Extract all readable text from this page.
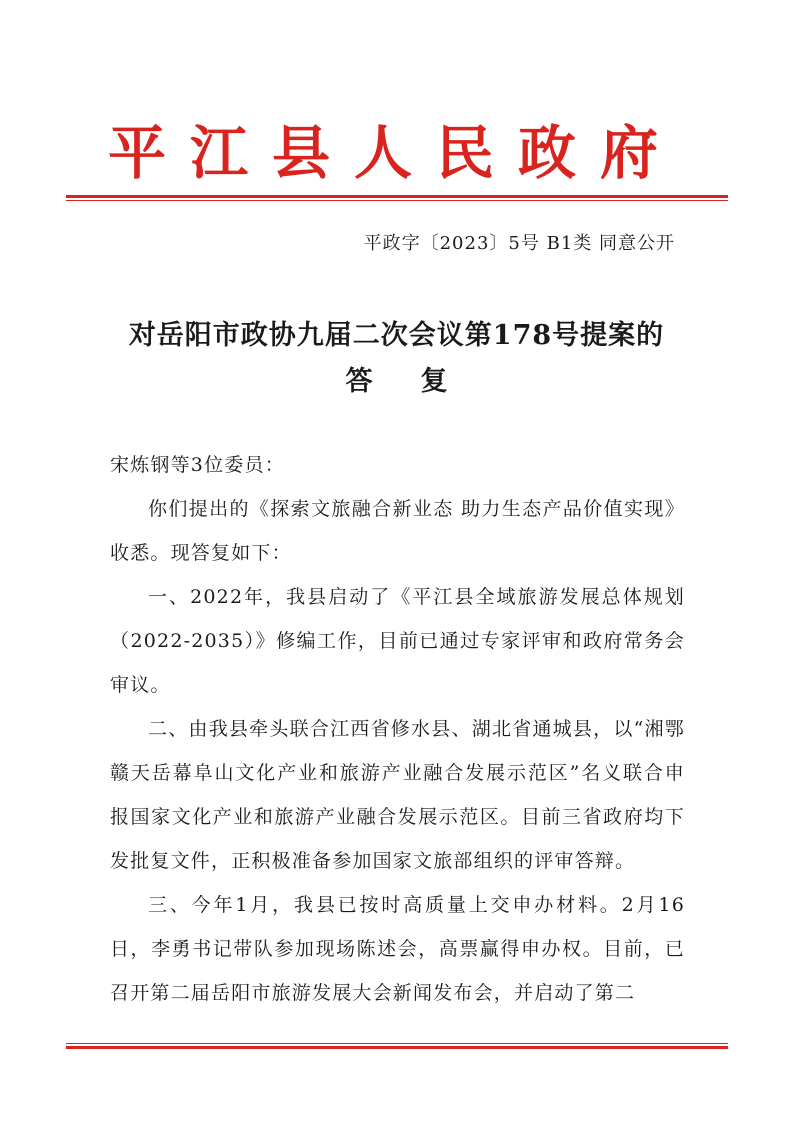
平江县人民政府
平政字〔2023〕5号 B1类 同意公开
对岳阳市政协九届二次会议第178号提案的
答复

宋炼钢等3位委员：

你们提出的《探索文旅融合新业态 助力生态产品价值实现》收悉。现答复如下：

一、2022年，我县启动了《平江县全域旅游发展总体规划（2022-2035）》修编工作，目前已通过专家评审和政府常务会审议。

二、由我县牵头联合江西省修水县、湖北省通城县，以“湘鄂赣天岳幕阜山文化产业和旅游产业融合发展示范区”名义联合申报国家文化产业和旅游产业融合发展示范区。目前三省政府均下发批复文件，正积极准备参加国家文旅部组织的评审答辩。

三、今年1月，我县已按时高质量上交申办材料。2月16日，李勇书记带队参加现场陈述会，高票赢得申办权。目前，已召开第二届岳阳市旅游发展大会新闻发布会，并启动了第二
